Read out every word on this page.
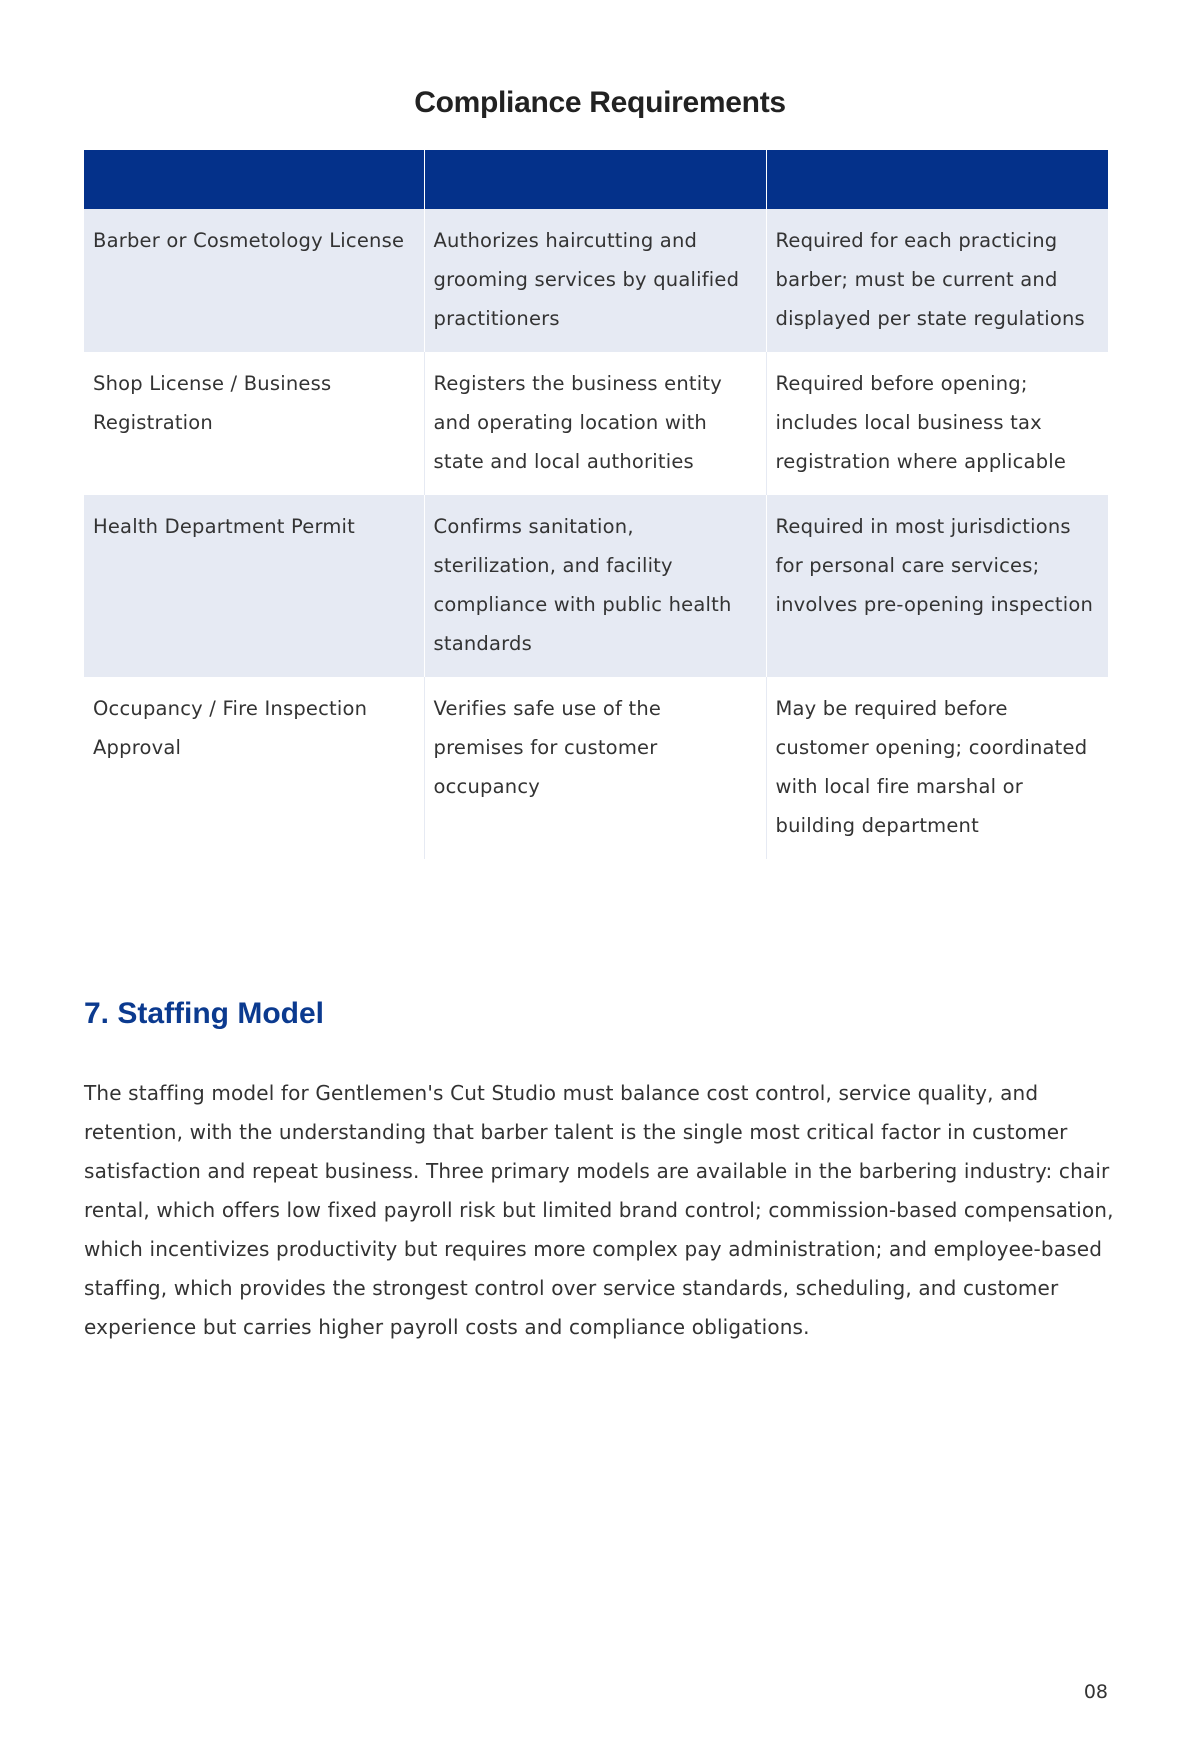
Compliance Requirements

Barber or Cosmetology License	Authorizes haircutting and grooming services by qualified practitioners	Required for each practicing barber; must be current and displayed per state regulations
Shop License / Business Registration	Registers the business entity and operating location with state and local authorities	Required before opening; includes local business tax registration where applicable
Health Department Permit	Confirms sanitation, sterilization, and facility compliance with public health standards	Required in most jurisdictions for personal care services; involves pre-opening inspection
Occupancy / Fire Inspection Approval	Verifies safe use of the premises for customer occupancy	May be required before customer opening; coordinated with local fire marshal or building department
7. Staffing Model

The staffing model for Gentlemen's Cut Studio must balance cost control, service quality, and retention, with the understanding that barber talent is the single most critical factor in customer satisfaction and repeat business. Three primary models are available in the barbering industry: chair rental, which offers low fixed payroll risk but limited brand control; commission-based compensation, which incentivizes productivity but requires more complex pay administration; and employee-based staffing, which provides the strongest control over service standards, scheduling, and customer experience but carries higher payroll costs and compliance obligations.

08
